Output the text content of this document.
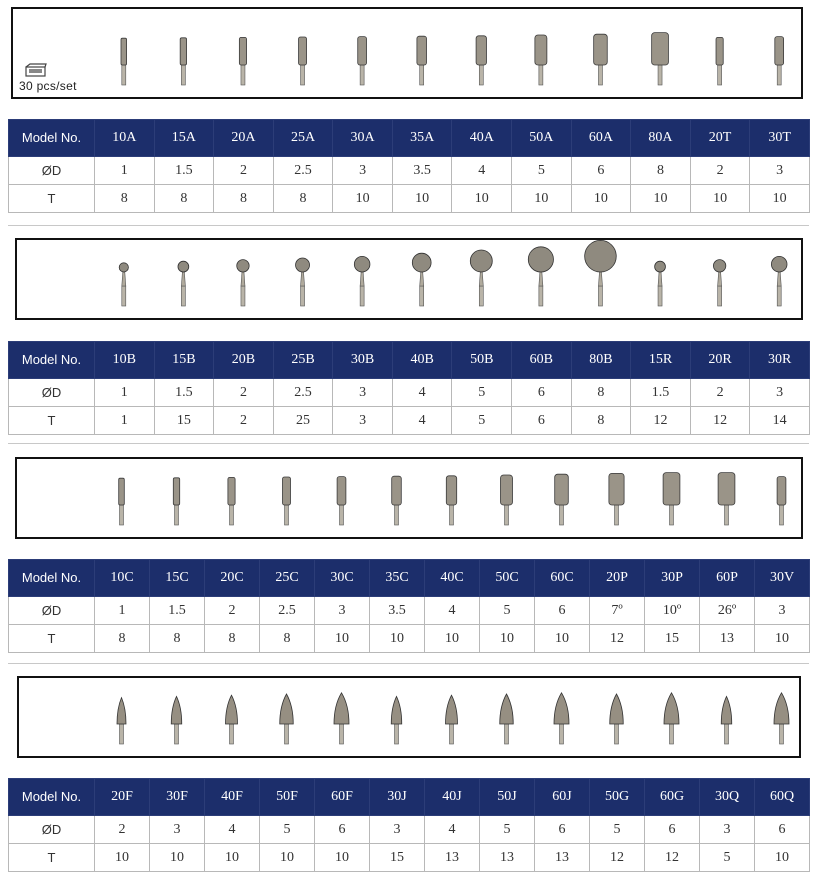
30 pcs/set
Model No.	10A	15A	20A	25A	30A	35A	40A	50A	60A	80A	20T	30T
ØD	1	1.5	2	2.5	3	3.5	4	5	6	8	2	3
T	8	8	8	8	10	10	10	10	10	10	10	10
Model No.	10B	15B	20B	25B	30B	40B	50B	60B	80B	15R	20R	30R
ØD	1	1.5	2	2.5	3	4	5	6	8	1.5	2	3
T	1	15	2	25	3	4	5	6	8	12	12	14
Model No.	10C	15C	20C	25C	30C	35C	40C	50C	60C	20P	30P	60P	30V
ØD	1	1.5	2	2.5	3	3.5	4	5	6	7º	10º	26º	3
T	8	8	8	8	10	10	10	10	10	12	15	13	10
Model No.	20F	30F	40F	50F	60F	30J	40J	50J	60J	50G	60G	30Q	60Q
ØD	2	3	4	5	6	3	4	5	6	5	6	3	6
T	10	10	10	10	10	15	13	13	13	12	12	5	10
